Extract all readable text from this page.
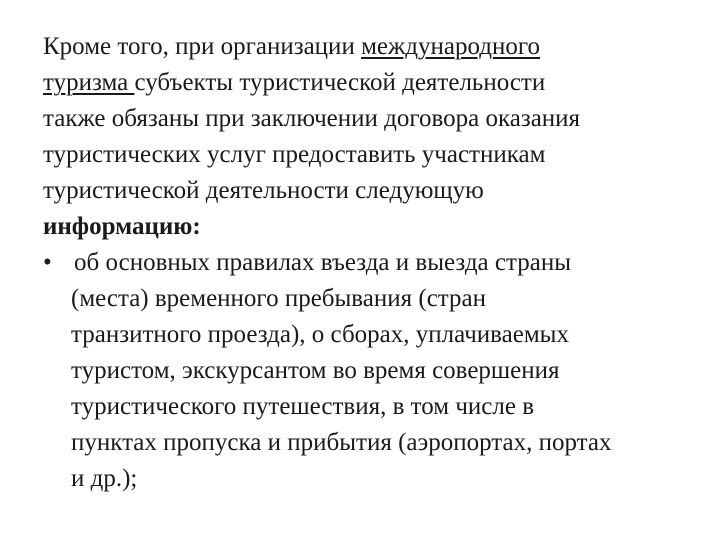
Кроме того, при организации международного
туризма субъекты туристической деятельности
также обязаны при заключении договора оказания
туристических услуг предоставить участникам
туристической деятельности следующую
информацию:
• об основных правилах въезда и выезда страны
(места) временного пребывания (стран
транзитного проезда), о сборах, уплачиваемых
туристом, экскурсантом во время совершения
туристического путешествия, в том числе в
пунктах пропуска и прибытия (аэропортах, портах
и др.);
